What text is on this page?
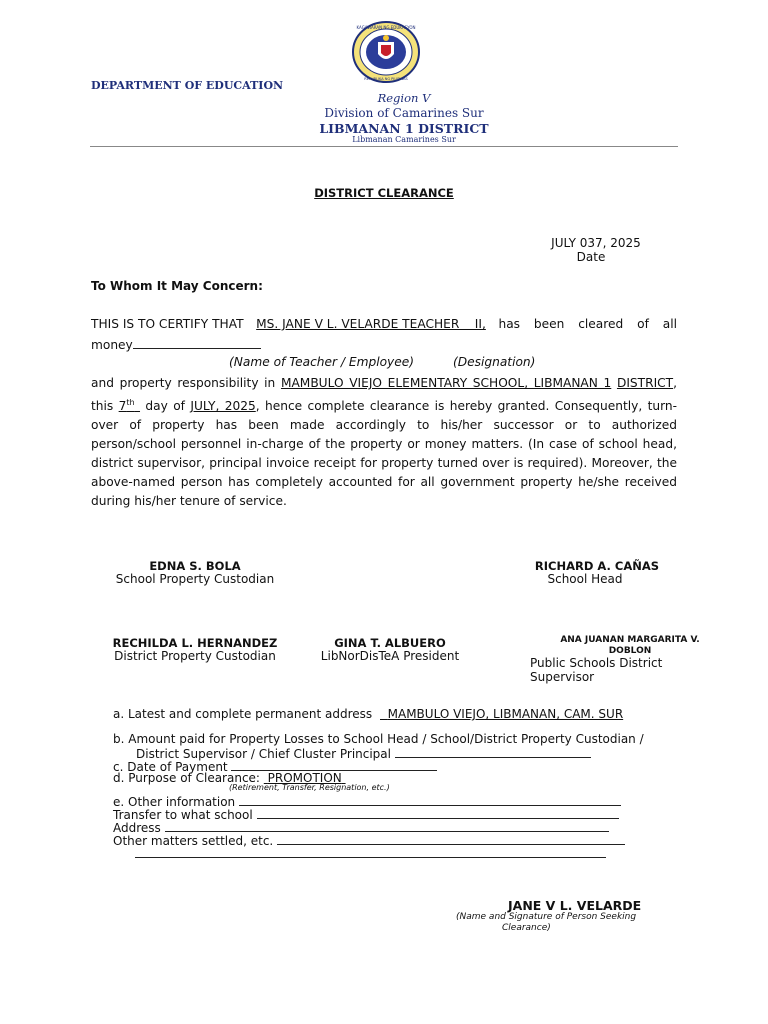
KAGAWARAN NG EDUKASYON
REPUBLIKA NG PILIPINAS
DEPARTMENT OF EDUCATION
Region V
Division of Camarines Sur
LIBMANAN 1 DISTRICT
Libmanan Camarines Sur
DISTRICT CLEARANCE
JULY 037, 2025
Date
To Whom It May Concern:
THIS IS TO CERTIFY THAT MS. JANE V L. VELARDE TEACHER    II, has been cleared of all
money
(Name of Teacher / Employee)	(Designation)
and property responsibility in MAMBULO VIEJO ELEMENTARY SCHOOL, LIBMANAN 1 DISTRICT, this 7th day of JULY, 2025, hence complete clearance is hereby granted. Consequently, turn-over of property has been made accordingly to his/her successor or to authorized person/school personnel in-charge of the property or money matters. (In case of school head, district supervisor, principal invoice receipt for property turned over is required). Moreover, the above-named person has completely accounted for all government property he/she received during his/her tenure of service.
EDNA S. BOLA
School Property Custodian
RICHARD A. CAÑAS
School Head
RECHILDA L. HERNANDEZ
District Property Custodian
GINA T. ALBUERO
LibNorDisTeA President
ANA JUANAN MARGARITA V.
DOBLON
Public Schools District
Supervisor
a. Latest and complete permanent address MAMBULO VIEJO, LIBMANAN, CAM. SUR
b. Amount paid for Property Losses to School Head / School/District Property Custodian /
District Supervisor / Chief Cluster Principal
c. Date of Payment
d. Purpose of Clearance: PROMOTION
(Retirement, Transfer, Resignation, etc.)
e. Other information
Transfer to what school
Address
Other matters settled, etc.
JANE V L. VELARDE
(Name and Signature of Person Seeking
Clearance)
